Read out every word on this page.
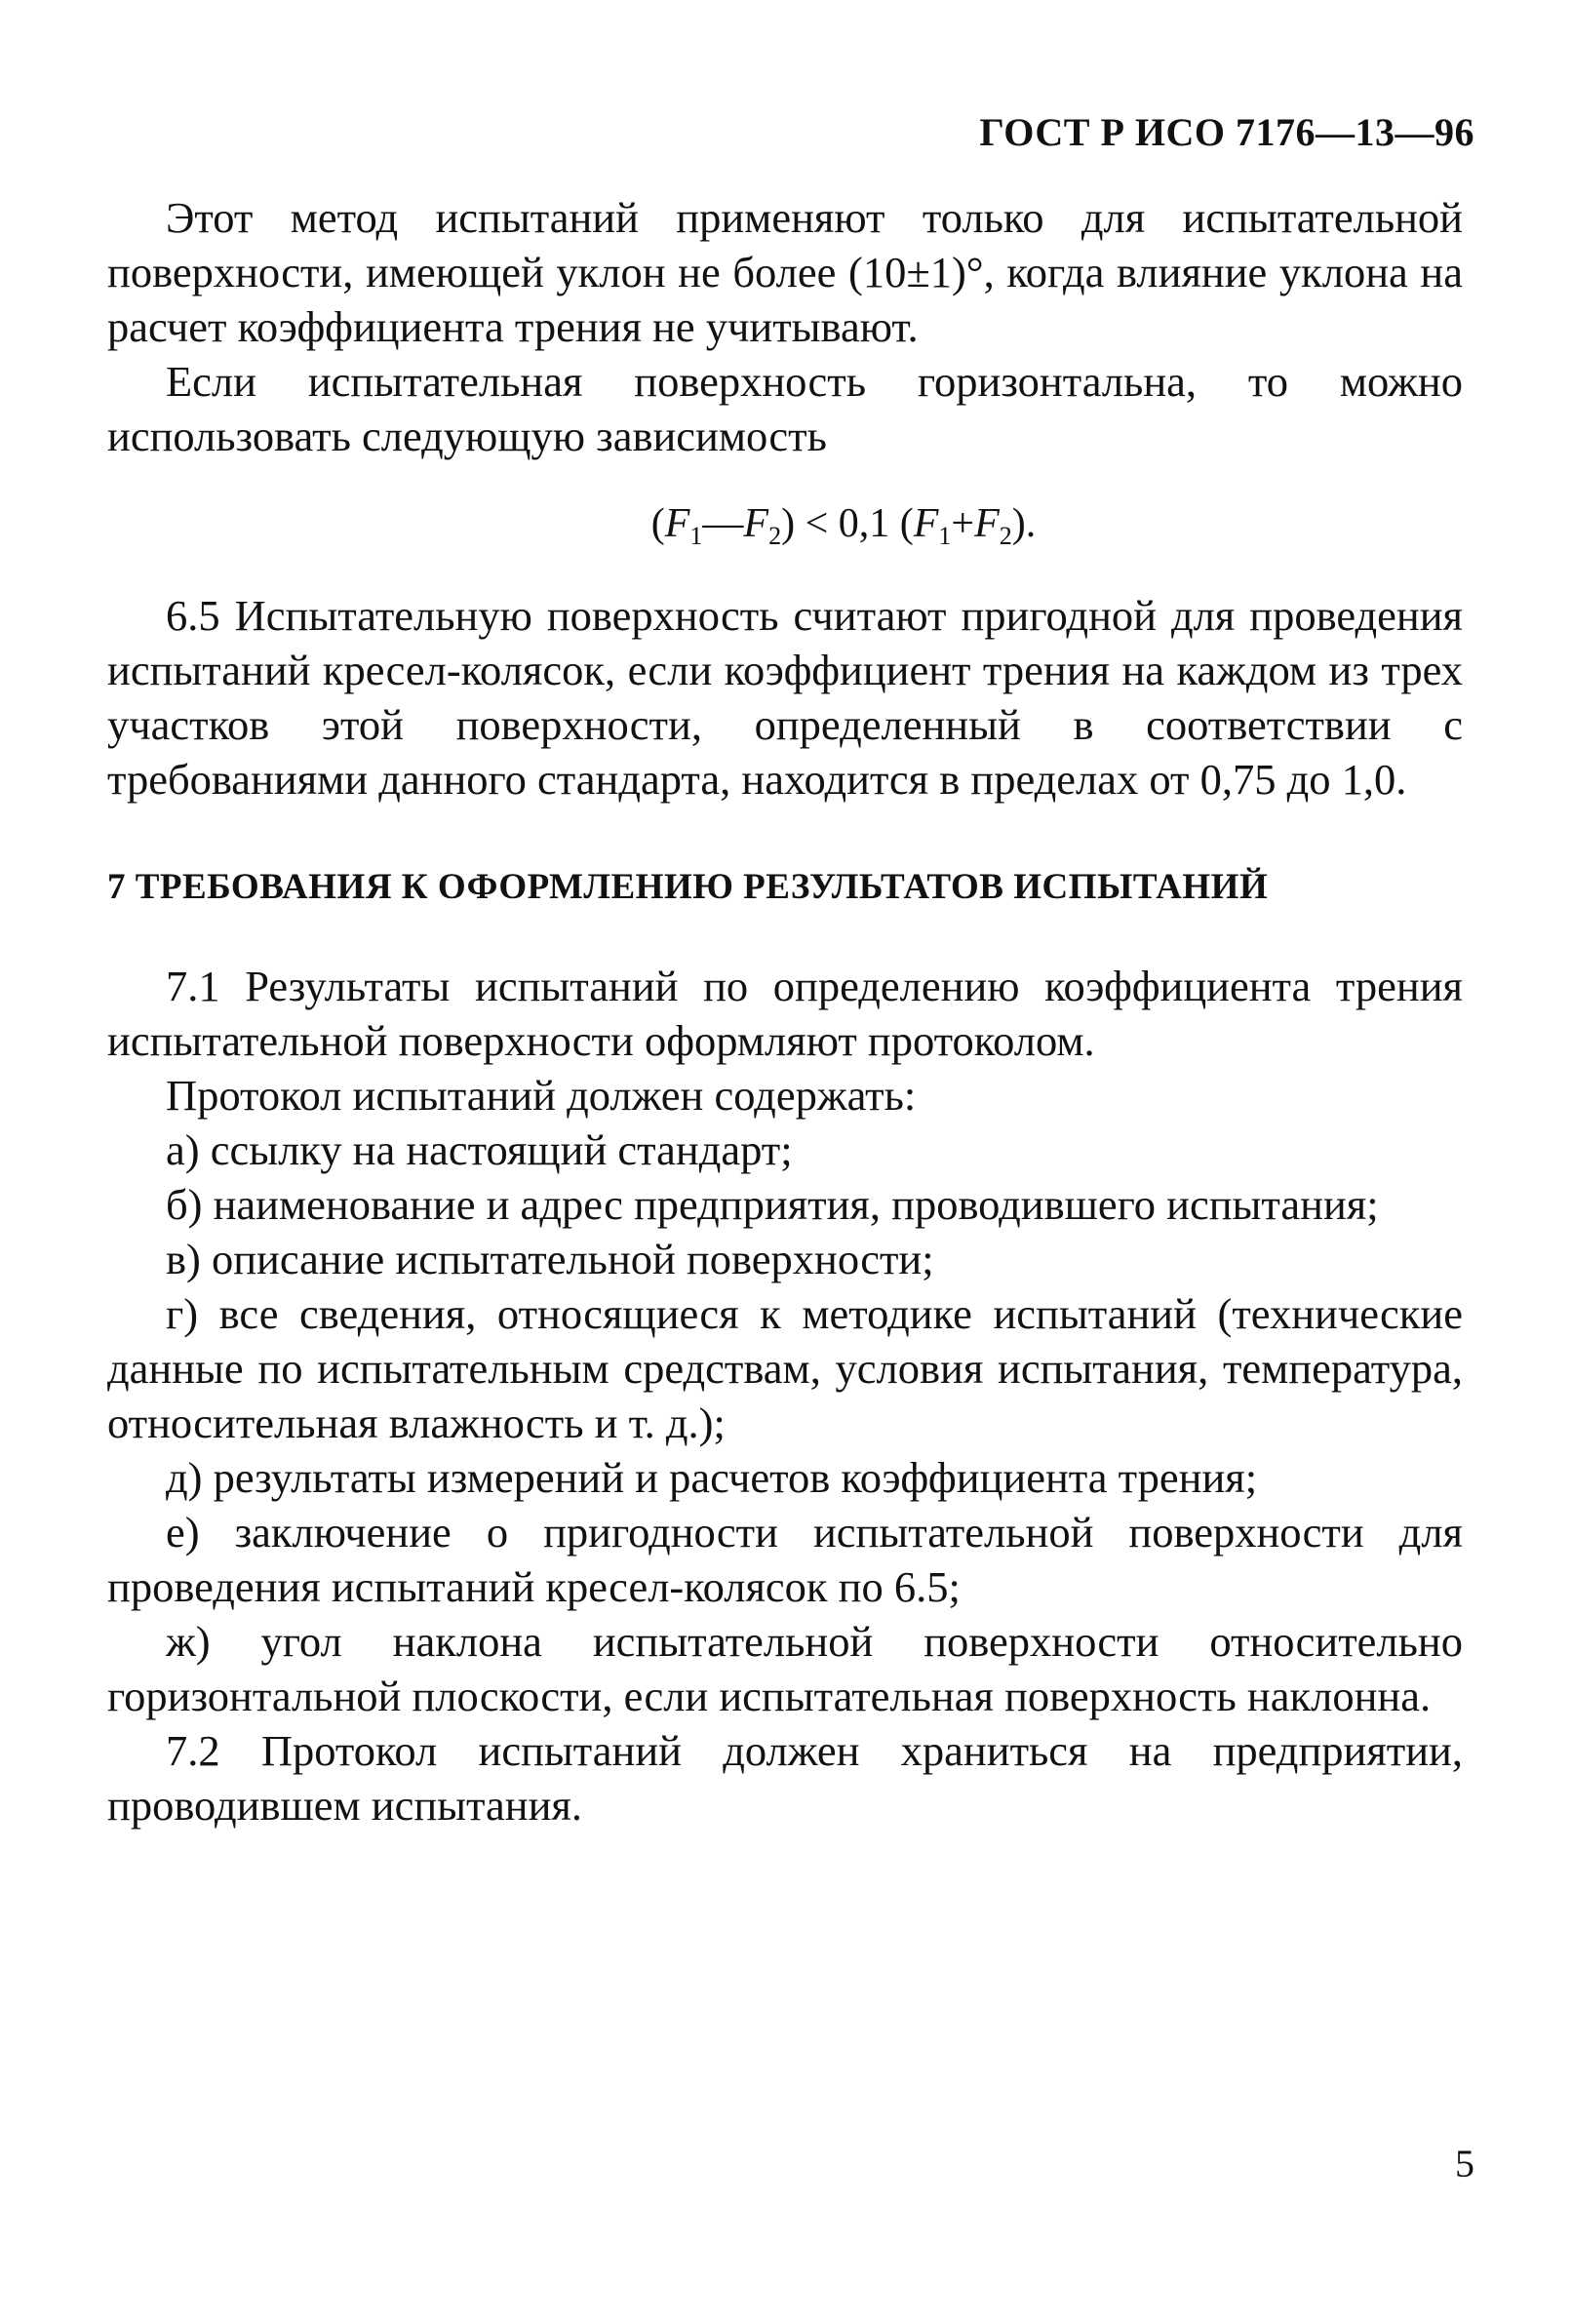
ГОСТ Р ИСО 7176—13—96

Этот метод испытаний применяют только для испытательной поверхности, имеющей уклон не более (10±1)°, когда влияние уклона на расчет коэффициента трения не учитывают.

Если испытательная поверхность горизонтальна, то можно использовать следующую зависимость

$(F_1—F_2) < 0,1$ $(F_1+F_2)$.

6.5 Испытательную поверхность считают пригодной для проведения испытаний кресел-колясок, если коэффициент трения на каждом из трех участков этой поверхности, определенный в соответствии с требованиями данного стандарта, находится в пределах от 0,75 до 1,0.

7 ТРЕБОВАНИЯ К ОФОРМЛЕНИЮ РЕЗУЛЬТАТОВ ИСПЫТАНИЙ

7.1 Результаты испытаний по определению коэффициента трения испытательной поверхности оформляют протоколом.

Протокол испытаний должен содержать:

а) ссылку на настоящий стандарт;

б) наименование и адрес предприятия, проводившего испытания;

в) описание испытательной поверхности;

г) все сведения, относящиеся к методике испытаний (технические данные по испытательным средствам, условия испытания, температура, относительная влажность и т. д.);

д) результаты измерений и расчетов коэффициента трения;

е) заключение о пригодности испытательной поверхности для проведения испытаний кресел-колясок по 6.5;

ж) угол наклона испытательной поверхности относительно горизонтальной плоскости, если испытательная поверхность наклонна.

7.2 Протокол испытаний должен храниться на предприятии, проводившем испытания.

5
